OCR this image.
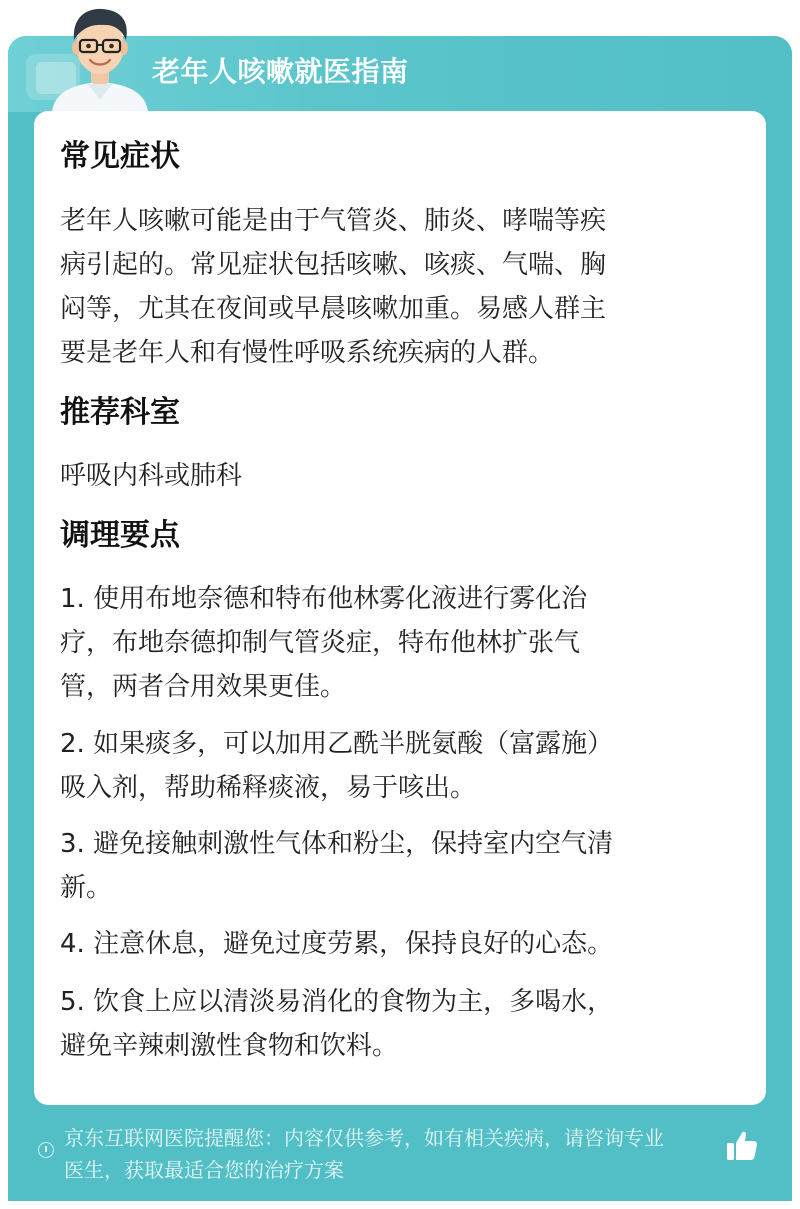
老年人咳嗽就医指南
常见症状
老年人咳嗽可能是由于气管炎、肺炎、哮喘等疾
病引起的。常见症状包括咳嗽、咳痰、气喘、胸
闷等，尤其在夜间或早晨咳嗽加重。易感人群主
要是老年人和有慢性呼吸系统疾病的人群。
推荐科室
呼吸内科或肺科
调理要点
1. 使用布地奈德和特布他林雾化液进行雾化治
疗，布地奈德抑制气管炎症，特布他林扩张气
管，两者合用效果更佳。
2. 如果痰多，可以加用乙酰半胱氨酸（富露施）
吸入剂，帮助稀释痰液，易于咳出。
3. 避免接触刺激性气体和粉尘，保持室内空气清
新。
4. 注意休息，避免过度劳累，保持良好的心态。
5. 饮食上应以清淡易消化的食物为主，多喝水，
避免辛辣刺激性食物和饮料。
京东互联网医院提醒您：内容仅供参考，如有相关疾病，请咨询专业
医生，获取最适合您的治疗方案
